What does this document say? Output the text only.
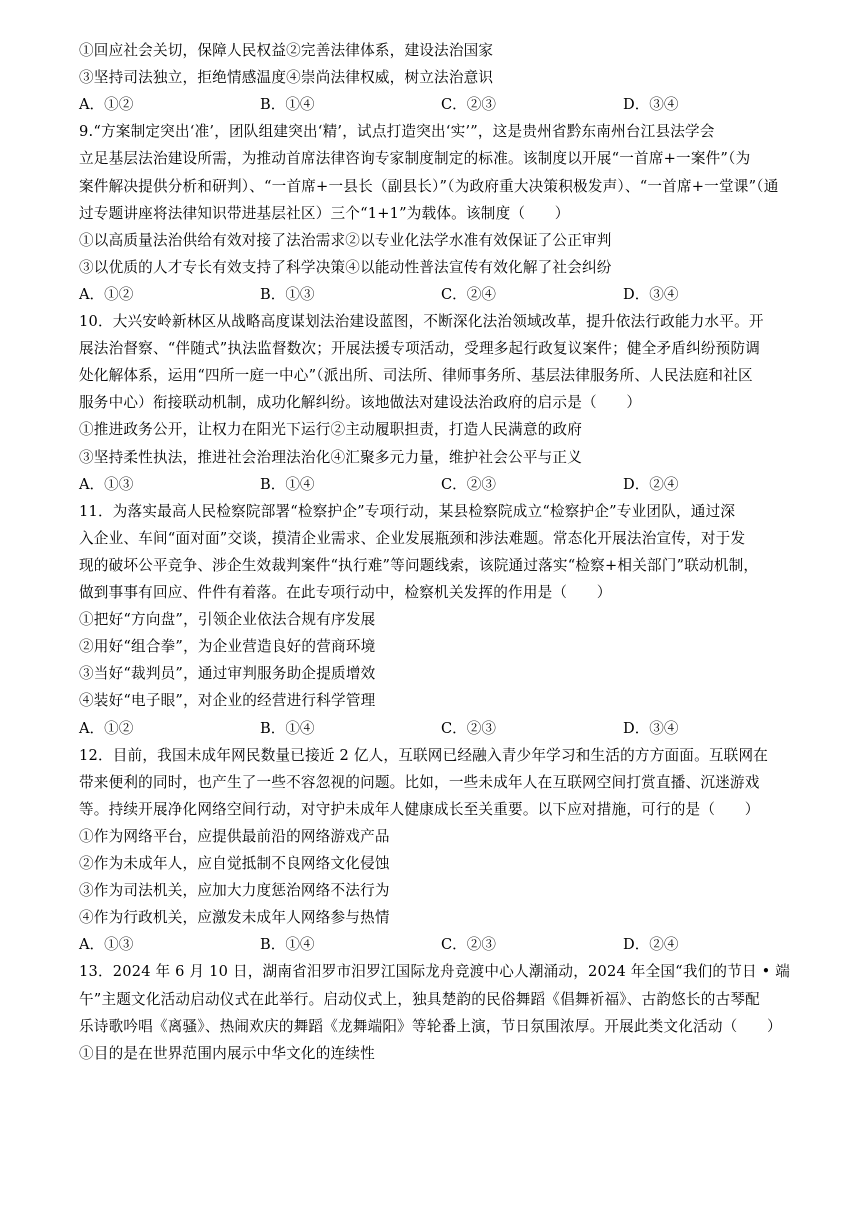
①回应社会关切，保障人民权益②完善法律体系，建设法治国家
③坚持司法独立，拒绝情感温度④崇尚法律权威，树立法治意识
A．①②	B．①④	C．②③	D．③④
9.“方案制定突出‘准’，团队组建突出‘精’，试点打造突出‘实’”，这是贵州省黔东南州台江县法学会
立足基层法治建设所需，为推动首席法律咨询专家制度制定的标准。该制度以开展“一首席+一案件”（为
案件解决提供分析和研判）、“一首席+一县长（副县长）”（为政府重大决策积极发声）、“一首席+一堂课”（通
过专题讲座将法律知识带进基层社区）三个“1+1”为载体。该制度（　　）
①以高质量法治供给有效对接了法治需求②以专业化法学水准有效保证了公正审判
③以优质的人才专长有效支持了科学决策④以能动性普法宣传有效化解了社会纠纷
A．①②	B．①③	C．②④	D．③④
10．大兴安岭新林区从战略高度谋划法治建设蓝图，不断深化法治领域改革，提升依法行政能力水平。开
展法治督察、“伴随式”执法监督数次；开展法援专项活动，受理多起行政复议案件；健全矛盾纠纷预防调
处化解体系，运用“四所一庭一中心”（派出所、司法所、律师事务所、基层法律服务所、人民法庭和社区
服务中心）衔接联动机制，成功化解纠纷。该地做法对建设法治政府的启示是（　　）
①推进政务公开，让权力在阳光下运行②主动履职担责，打造人民满意的政府
③坚持柔性执法，推进社会治理法治化④汇聚多元力量，维护社会公平与正义
A．①③	B．①④	C．②③	D．②④
11．为落实最高人民检察院部署“检察护企”专项行动，某县检察院成立“检察护企”专业团队，通过深
入企业、车间“面对面”交谈，摸清企业需求、企业发展瓶颈和涉法难题。常态化开展法治宣传，对于发
现的破坏公平竞争、涉企生效裁判案件“执行难”等问题线索，该院通过落实“检察+相关部门”联动机制，
做到事事有回应、件件有着落。在此专项行动中，检察机关发挥的作用是（　　）
①把好“方向盘”，引领企业依法合规有序发展
②用好“组合拳”，为企业营造良好的营商环境
③当好“裁判员”，通过审判服务助企提质增效
④装好“电子眼”，对企业的经营进行科学管理
A．①②	B．①④	C．②③	D．③④
12．目前，我国未成年网民数量已接近 2 亿人，互联网已经融入青少年学习和生活的方方面面。互联网在
带来便利的同时，也产生了一些不容忽视的问题。比如，一些未成年人在互联网空间打赏直播、沉迷游戏
等。持续开展净化网络空间行动，对守护未成年人健康成长至关重要。以下应对措施，可行的是（　　）
①作为网络平台，应提供最前沿的网络游戏产品
②作为未成年人，应自觉抵制不良网络文化侵蚀
③作为司法机关，应加大力度惩治网络不法行为
④作为行政机关，应激发未成年人网络参与热情
A．①③	B．①④	C．②③	D．②④
13．2024 年 6 月 10 日，湖南省汨罗市汨罗江国际龙舟竞渡中心人潮涌动，2024 年全国“我们的节日 • 端
午”主题文化活动启动仪式在此举行。启动仪式上，独具楚韵的民俗舞蹈《倡舞祈福》、古韵悠长的古琴配
乐诗歌吟唱《离骚》、热闹欢庆的舞蹈《龙舞端阳》等轮番上演，节日氛围浓厚。开展此类文化活动（　　）
①目的是在世界范围内展示中华文化的连续性
